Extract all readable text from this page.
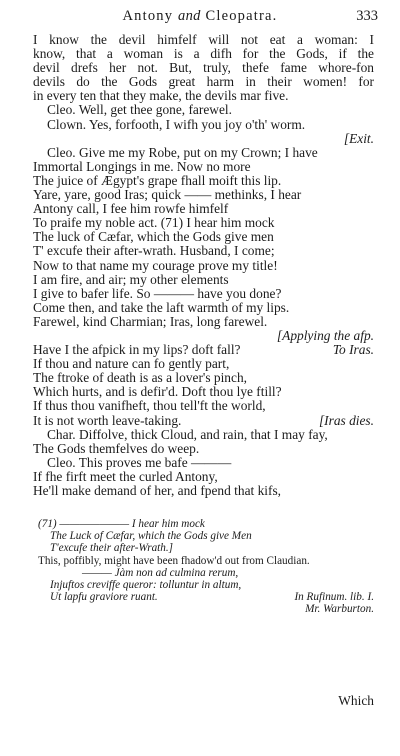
Antony and Cleopatra.	333
I know the devil himfelf will not eat a woman: I
know, that a woman is a difh for the Gods, if the
devil drefs her not. But, truly, thefe fame whore-fon
devils do the Gods great harm in their women! for
in every ten that they make, the devils mar five.
Cleo. Well, get thee gone, farewel.
Clown. Yes, forfooth, I wifh you joy o'th' worm.
[Exit.
Cleo. Give me my Robe, put on my Crown; I have
Immortal Longings in me. Now no more
The juice of Ægypt's grape fhall moift this lip.
Yare, yare, good Iras; quick —— methinks, I hear
Antony call, I fee him rowfe himfelf
To praife my noble act. (71) I hear him mock
The luck of Cæfar, which the Gods give men
T' excufe their after-wrath. Husband, I come;
Now to that name my courage prove my title!
I am fire, and air; my other elements
I give to bafer life. So ——— have you done?
Come then, and take the laft warmth of my lips.
Farewel, kind Charmian; Iras, long farewel.
[Applying the afp.
Have I the afpick in my lips? doft fall?	To Iras.
If thou and nature can fo gently part,
The ftroke of death is as a lover's pinch,
Which hurts, and is defir'd. Doft thou lye ftill?
If thus thou vanifheft, thou tell'ft the world,
It is not worth leave-taking.	[Iras dies.
Char. Diffolve, thick Cloud, and rain, that I may fay,
The Gods themfelves do weep.
Cleo. This proves me bafe ———
If fhe firft meet the curled Antony,
He'll make demand of her, and fpend that kifs,
(71) ——————— I hear him mock
The Luck of Cæfar, which the Gods give Men
T'excufe their after-Wrath.]
This, poffibly, might have been fhadow'd out from Claudian.
——— Jàm non ad culmina rerum,
Injuftos creviffe queror: tolluntur in altum,
Ut lapfu graviore ruant.	In Rufinum. lib. I.
Mr. Warburton.
Which
